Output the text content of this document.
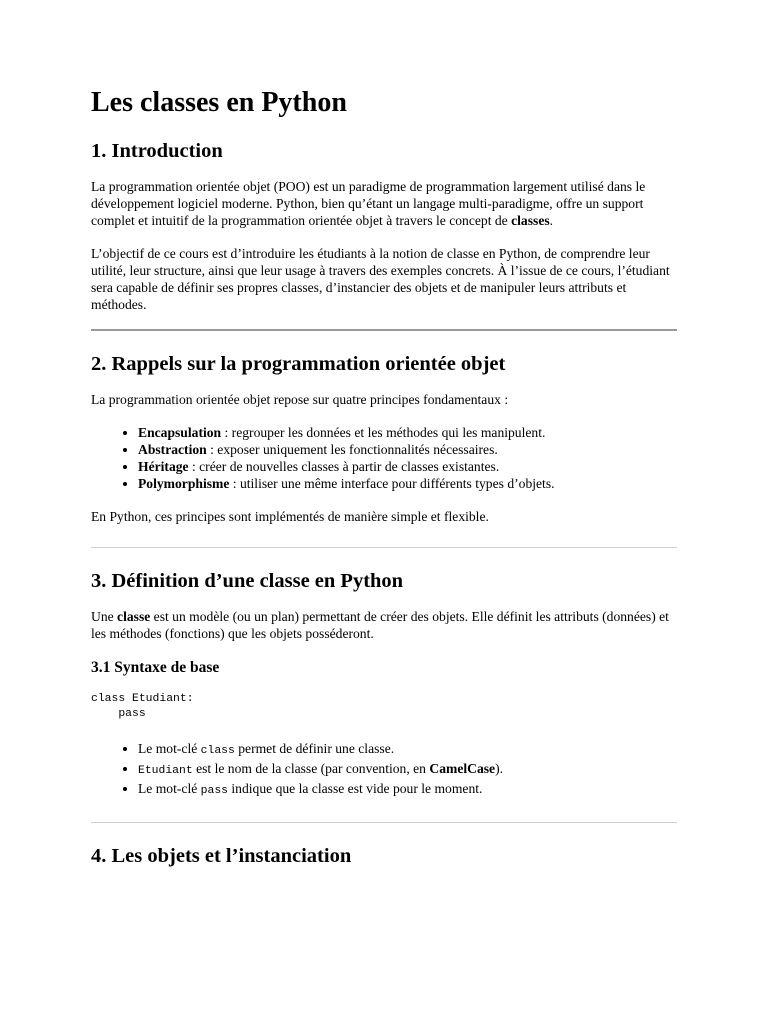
Les classes en Python
1. Introduction

La programmation orientée objet (POO) est un paradigme de programmation largement utilisé dans le développement logiciel moderne. Python, bien qu’étant un langage multi-paradigme, offre un support complet et intuitif de la programmation orientée objet à travers le concept de classes.

L’objectif de ce cours est d’introduire les étudiants à la notion de classe en Python, de comprendre leur utilité, leur structure, ainsi que leur usage à travers des exemples concrets. À l’issue de ce cours, l’étudiant sera capable de définir ses propres classes, d’instancier des objets et de manipuler leurs attributs et méthodes.

2. Rappels sur la programmation orientée objet

La programmation orientée objet repose sur quatre principes fondamentaux :

• Encapsulation : regrouper les données et les méthodes qui les manipulent.
• Abstraction : exposer uniquement les fonctionnalités nécessaires.
• Héritage : créer de nouvelles classes à partir de classes existantes.
• Polymorphisme : utiliser une même interface pour différents types d’objets.

En Python, ces principes sont implémentés de manière simple et flexible.

3. Définition d’une classe en Python

Une classe est un modèle (ou un plan) permettant de créer des objets. Elle définit les attributs (données) et les méthodes (fonctions) que les objets posséderont.

3.1 Syntaxe de base
class Etudiant:
pass
• Le mot-clé class permet de définir une classe.
• Etudiant est le nom de la classe (par convention, en CamelCase).
• Le mot-clé pass indique que la classe est vide pour le moment.
4. Les objets et l’instanciation
